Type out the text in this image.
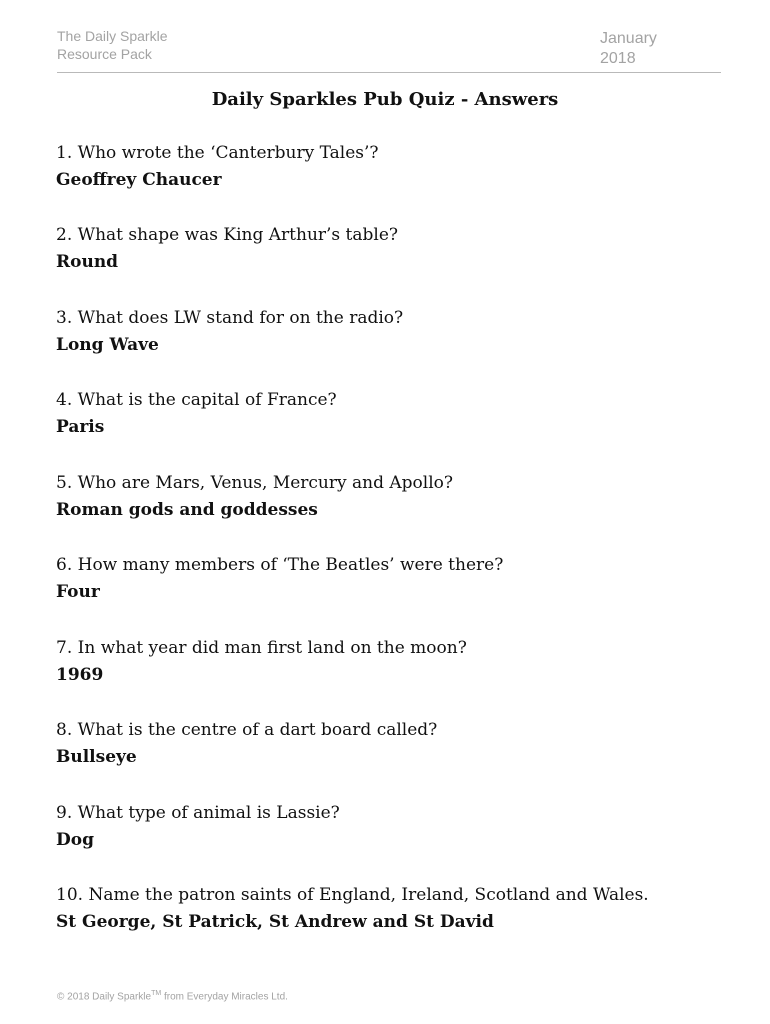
The Daily Sparkle
Resource Pack
January
2018
Daily Sparkles Pub Quiz - Answers
1. Who wrote the ‘Canterbury Tales’?
Geoffrey Chaucer
2. What shape was King Arthur’s table?
Round
3. What does LW stand for on the radio?
Long Wave
4. What is the capital of France?
Paris
5. Who are Mars, Venus, Mercury and Apollo?
Roman gods and goddesses
6. How many members of ‘The Beatles’ were there?
Four
7. In what year did man first land on the moon?
1969
8. What is the centre of a dart board called?
Bullseye
9. What type of animal is Lassie?
Dog
10. Name the patron saints of England, Ireland, Scotland and Wales.
St George, St Patrick, St Andrew and St David
© 2018 Daily Sparkle™ from Everyday Miracles Ltd.
